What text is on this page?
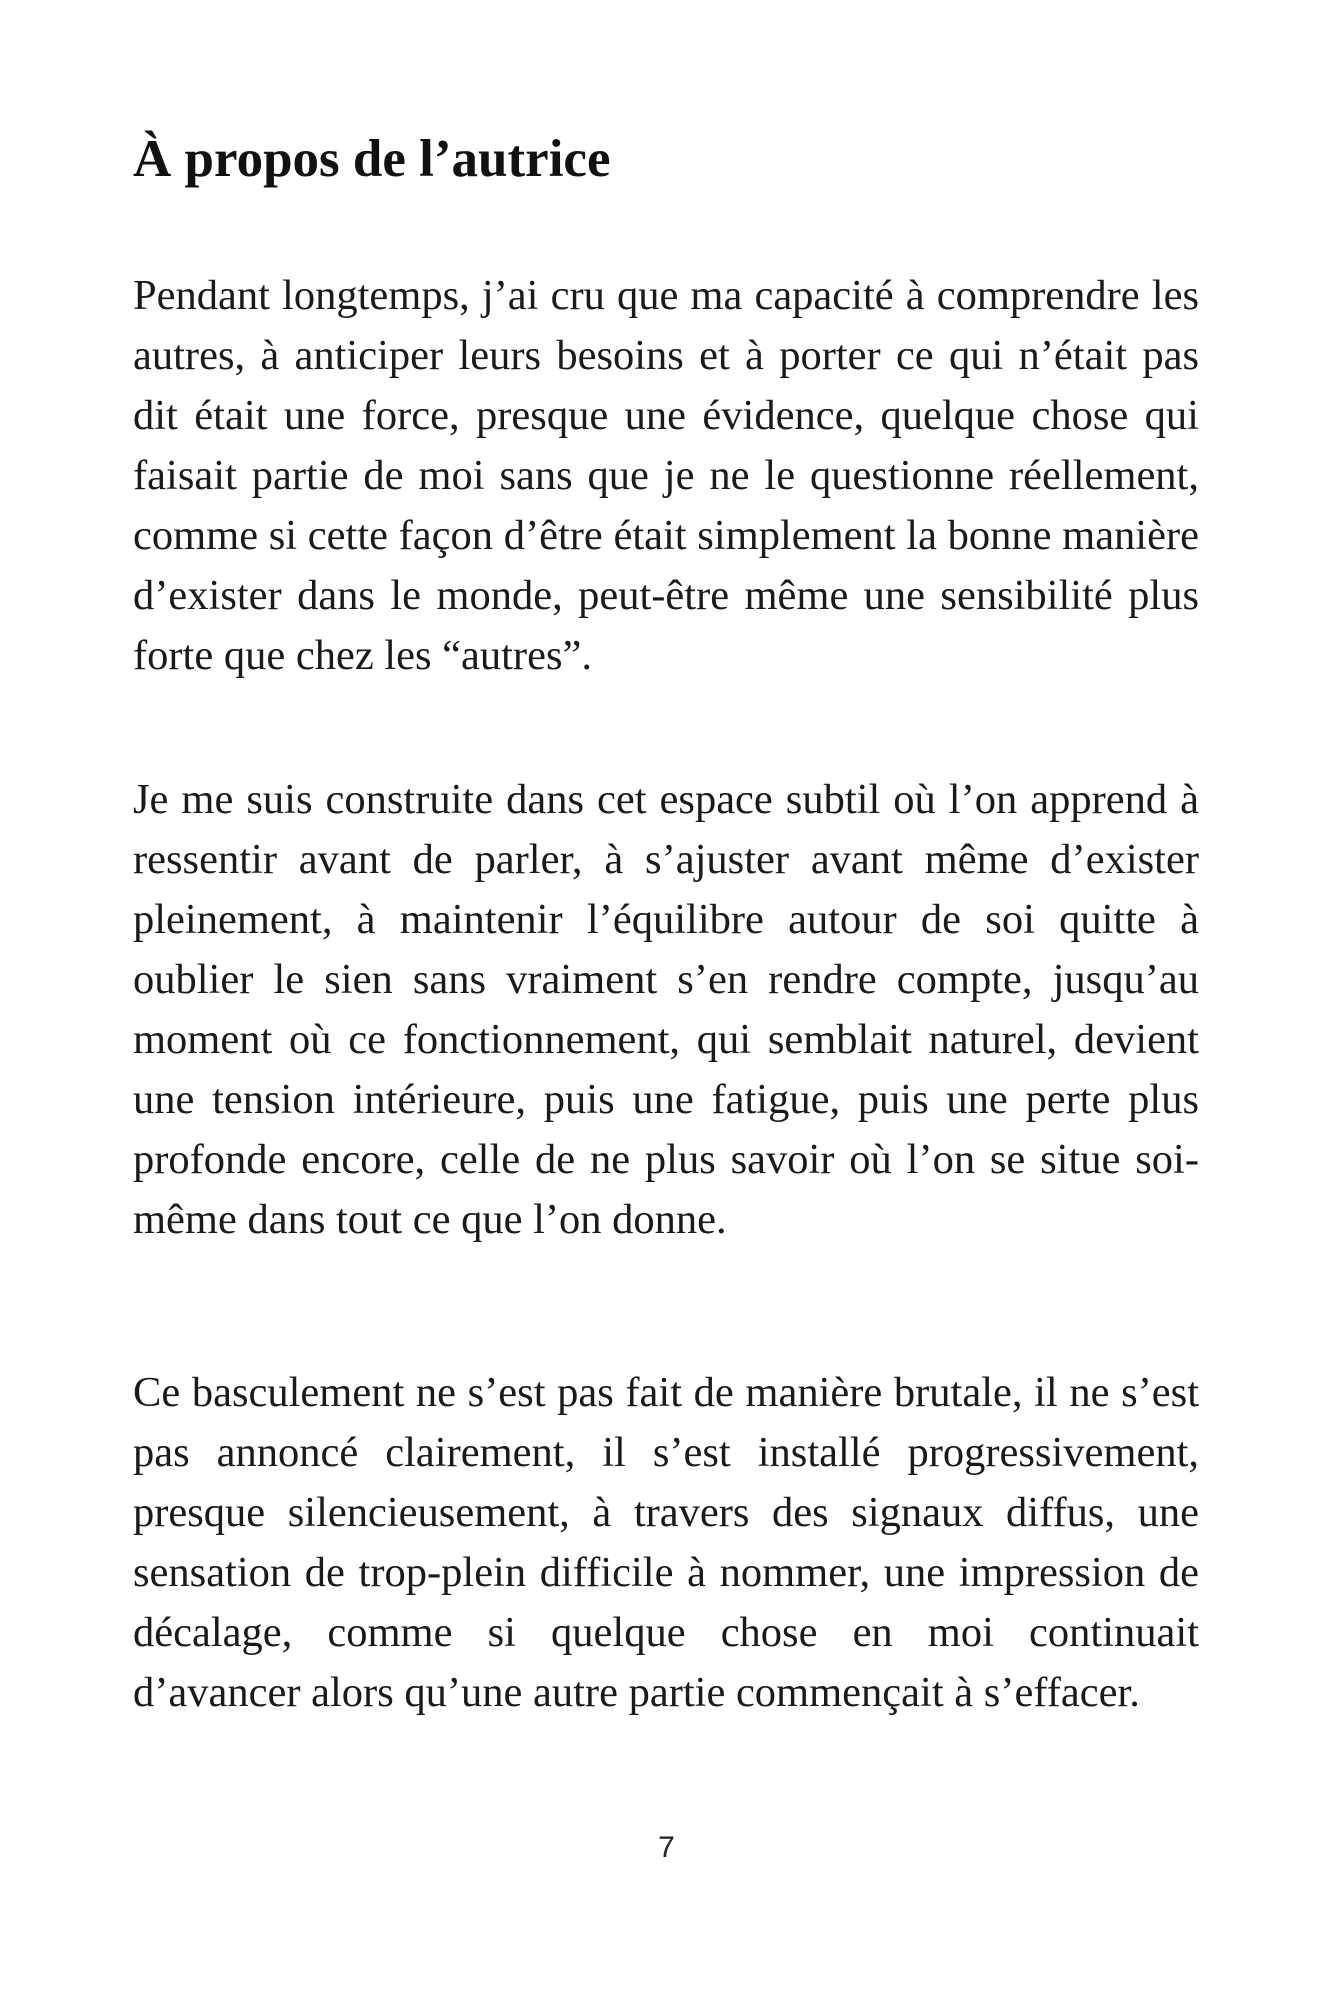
À propos de l’autrice

Pendant longtemps, j’ai cru que ma capacité à comprendre les autres, à anticiper leurs besoins et à porter ce qui n’était pas dit était une force, presque une évidence, quelque chose qui faisait partie de moi sans que je ne le questionne réellement, comme si cette façon d’être était simplement la bonne manière d’exister dans le monde, peut-être même une sensibilité plus forte que chez les “autres”.

Je me suis construite dans cet espace subtil où l’on apprend à ressentir avant de parler, à s’ajuster avant même d’exister pleinement, à maintenir l’équilibre autour de soi quitte à oublier le sien sans vraiment s’en rendre compte, jusqu’au moment où ce fonctionnement, qui semblait naturel, devient une tension intérieure, puis une fatigue, puis une perte plus profonde encore, celle de ne plus savoir où l’on se situe soi-même dans tout ce que l’on donne.

Ce basculement ne s’est pas fait de manière brutale, il ne s’est pas annoncé clairement, il s’est installé progressivement, presque silencieusement, à travers des signaux diffus, une sensation de trop-plein difficile à nommer, une impression de décalage, comme si quelque chose en moi continuait d’avancer alors qu’une autre partie commençait à s’effacer.

7
